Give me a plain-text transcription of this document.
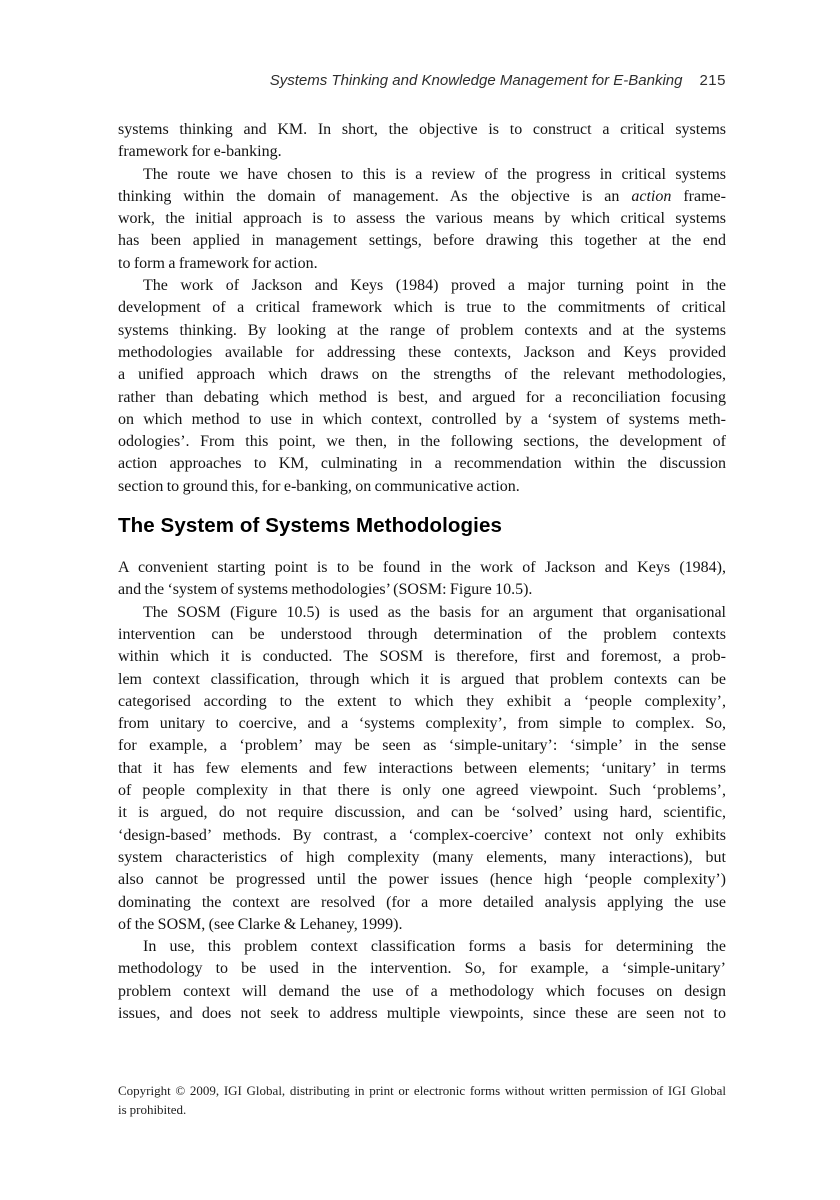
Systems Thinking and Knowledge Management for E-Banking 215
systems thinking and KM. In short, the objective is to construct a critical systems
framework for e-banking.
The route we have chosen to this is a review of the progress in critical systems
thinking within the domain of management. As the objective is an action frame-
work, the initial approach is to assess the various means by which critical systems
has been applied in management settings, before drawing this together at the end
to form a framework for action.
The work of Jackson and Keys (1984) proved a major turning point in the
development of a critical framework which is true to the commitments of critical
systems thinking. By looking at the range of problem contexts and at the systems
methodologies available for addressing these contexts, Jackson and Keys provided
a unified approach which draws on the strengths of the relevant methodologies,
rather than debating which method is best, and argued for a reconciliation focusing
on which method to use in which context, controlled by a ‘system of systems meth-
odologies’. From this point, we then, in the following sections, the development of
action approaches to KM, culminating in a recommendation within the discussion
section to ground this, for e-banking, on communicative action.
The System of Systems Methodologies
A convenient starting point is to be found in the work of Jackson and Keys (1984),
and the ‘system of systems methodologies’ (SOSM: Figure 10.5).
The SOSM (Figure 10.5) is used as the basis for an argument that organisational
intervention can be understood through determination of the problem contexts
within which it is conducted. The SOSM is therefore, first and foremost, a prob-
lem context classification, through which it is argued that problem contexts can be
categorised according to the extent to which they exhibit a ‘people complexity’,
from unitary to coercive, and a ‘systems complexity’, from simple to complex. So,
for example, a ‘problem’ may be seen as ‘simple-unitary’: ‘simple’ in the sense
that it has few elements and few interactions between elements; ‘unitary’ in terms
of people complexity in that there is only one agreed viewpoint. Such ‘problems’,
it is argued, do not require discussion, and can be ‘solved’ using hard, scientific,
‘design-based’ methods. By contrast, a ‘complex-coercive’ context not only exhibits
system characteristics of high complexity (many elements, many interactions), but
also cannot be progressed until the power issues (hence high ‘people complexity’)
dominating the context are resolved (for a more detailed analysis applying the use
of the SOSM, (see Clarke & Lehaney, 1999).
In use, this problem context classification forms a basis for determining the
methodology to be used in the intervention. So, for example, a ‘simple-unitary’
problem context will demand the use of a methodology which focuses on design
issues, and does not seek to address multiple viewpoints, since these are seen not to
Copyright © 2009, IGI Global, distributing in print or electronic forms without written permission of IGI Global
is prohibited.
